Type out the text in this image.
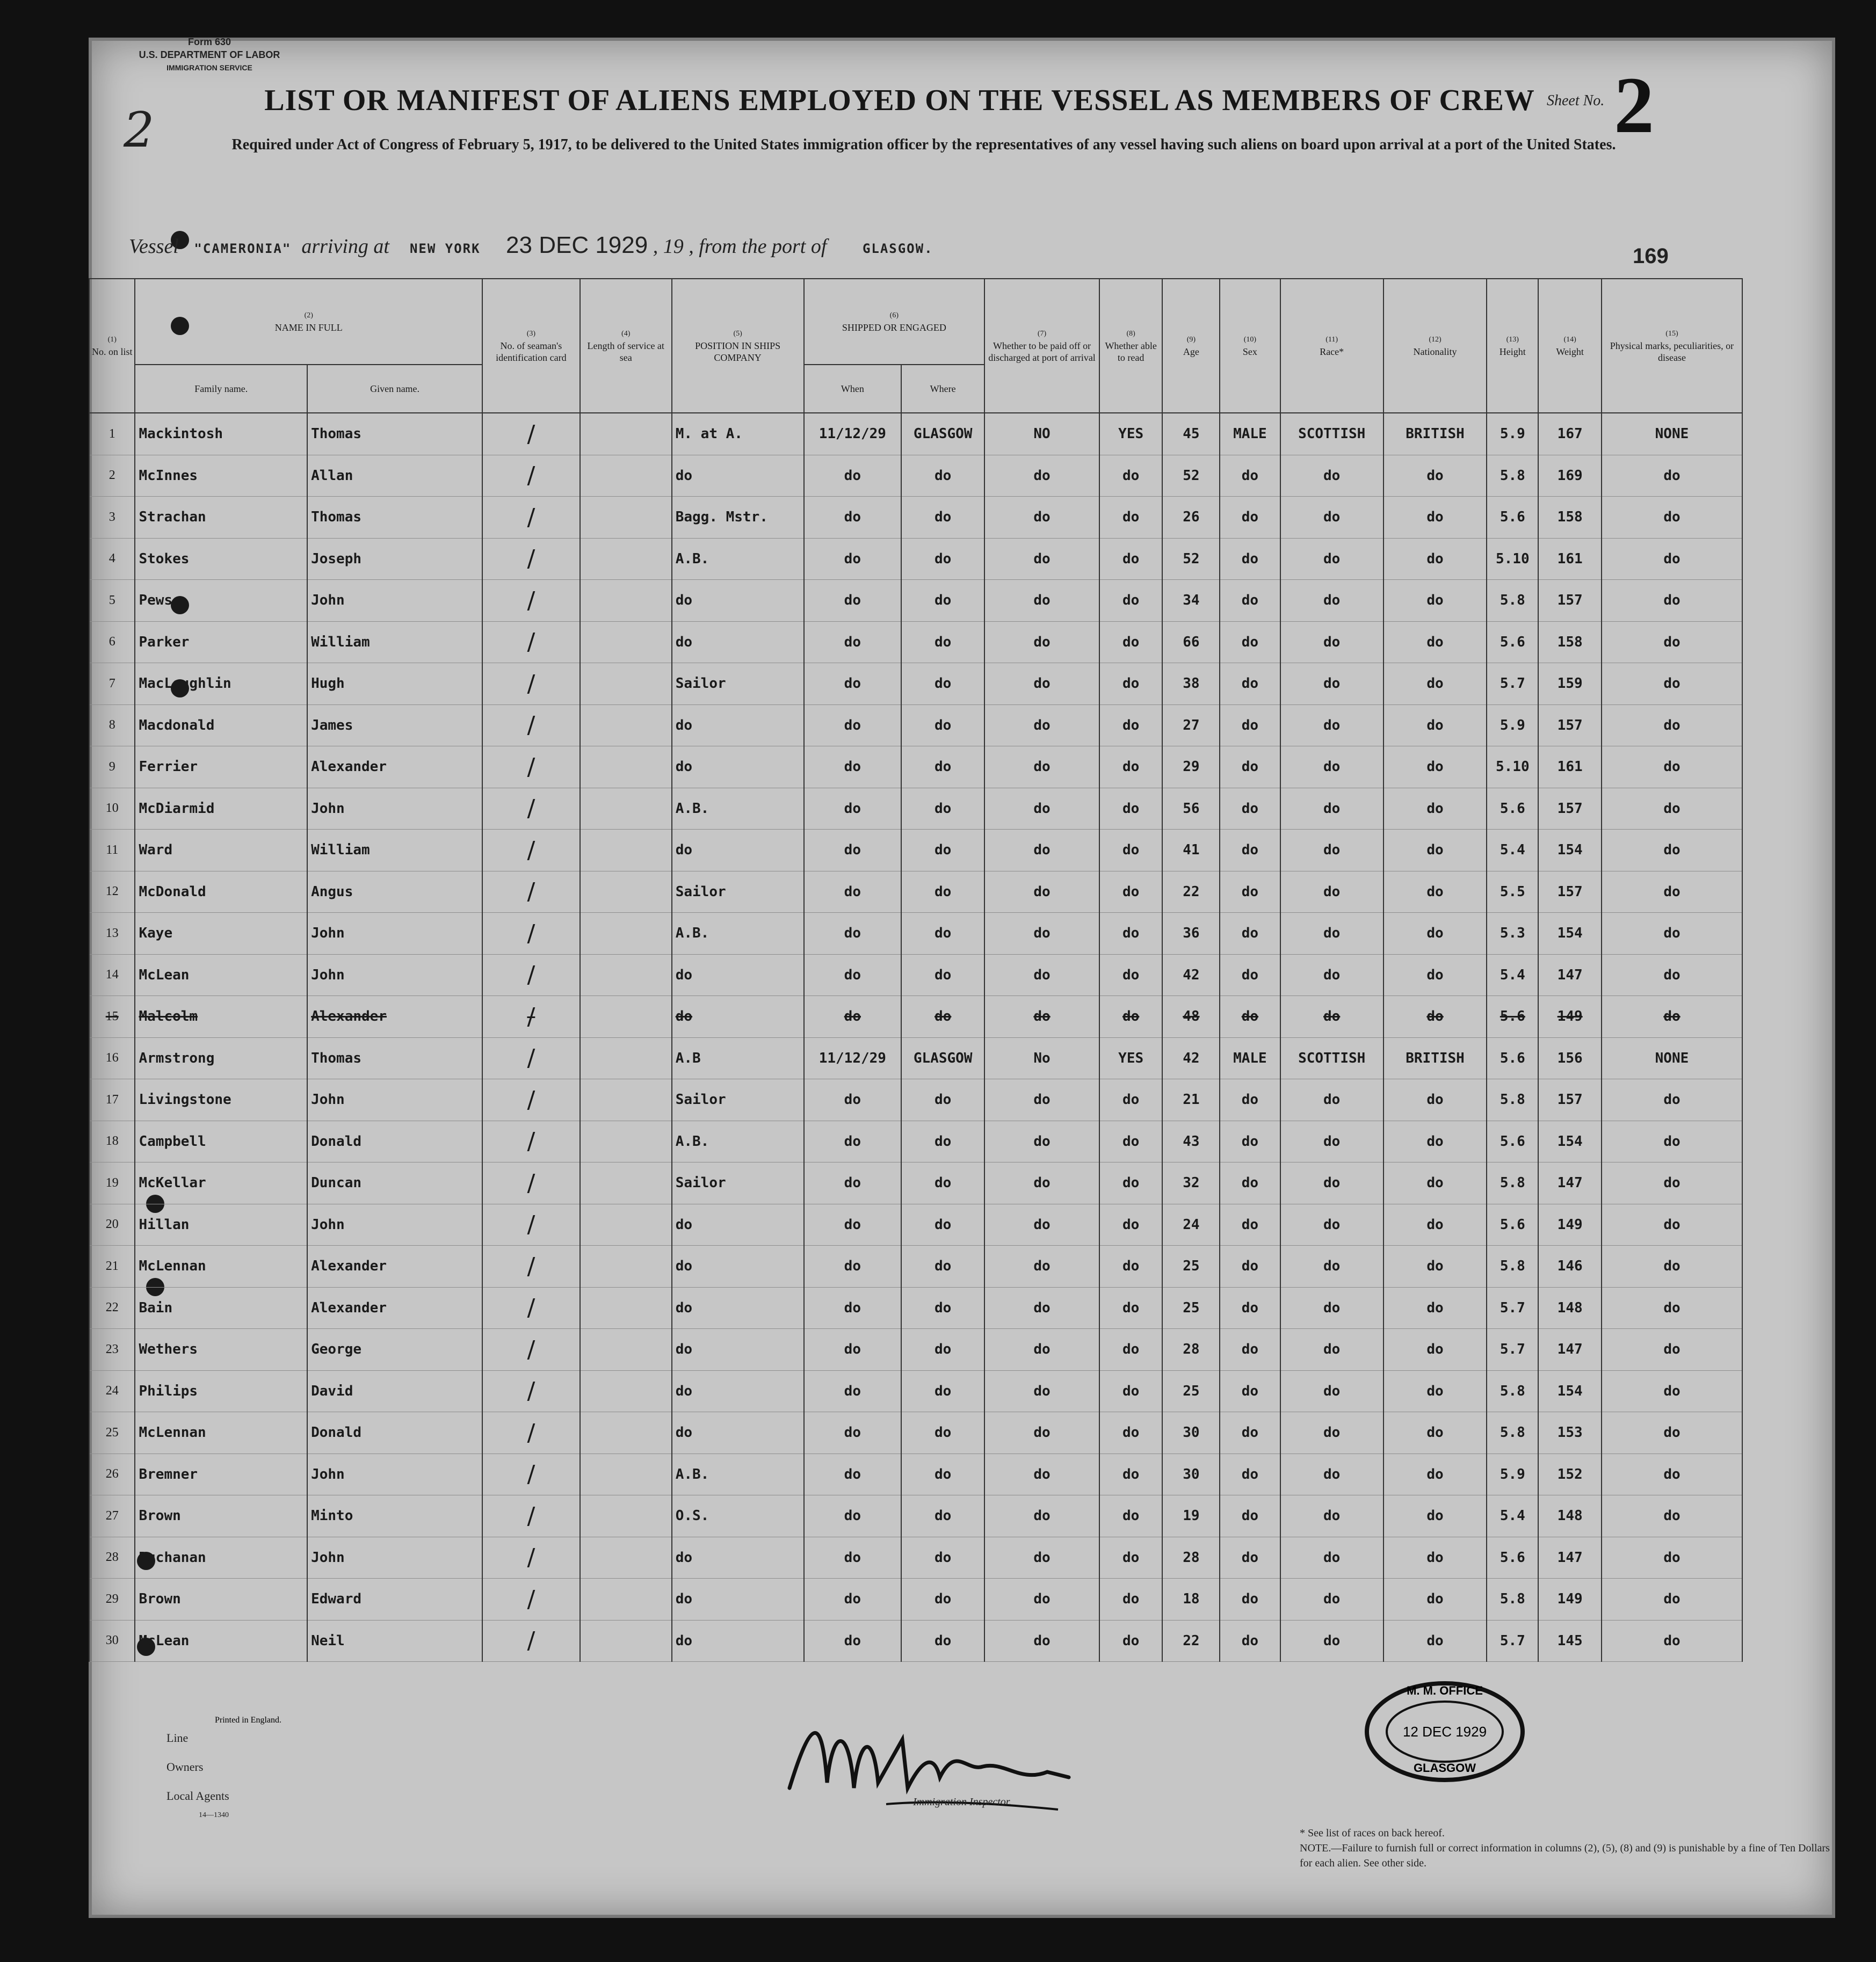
Form 630
U.S. DEPARTMENT OF LABOR
IMMIGRATION SERVICE
2
LIST OR MANIFEST OF ALIENS EMPLOYED ON THE VESSEL AS MEMBERS OF CREW
Required under Act of Congress of February 5, 1917, to be delivered to the United States immigration officer by the representatives of any vessel having such aliens on board upon arrival at a port of the United States.
Sheet No. 2
Vessel "CAMERONIA" arriving at NEW YORK 23 DEC 1929 , 19 , from the port of	GLASGOW.	169
(1)
No. on list	(2)
NAME IN FULL		(3)
No. of seaman's identification card	(4)
Length of service at sea	(5)
POSITION IN SHIPS COMPANY	(6)
SHIPPED OR ENGAGED		(7)
Whether to be paid off or discharged at port of arrival	(8)
Whether able to read	(9)
Age	(10)
Sex	(11)
Race*	(12)
Nationality	(13)
Height	(14)
Weight	(15)
Physical marks, peculiarities, or disease
	Family name.	Given name.				When	Where									
1	Mackintosh	Thomas	/		M. at A.	11/12/29	GLASGOW	NO	YES	45	MALE	SCOTTISH	BRITISH	5.9	167	NONE
2	McInnes	Allan	/		do	do	do	do	do	52	do	do	do	5.8	169	do
3	Strachan	Thomas	/		Bagg. Mstr.	do	do	do	do	26	do	do	do	5.6	158	do
4	Stokes	Joseph	/		A.B.	do	do	do	do	52	do	do	do	5.10	161	do
5	Pews	John	/		do	do	do	do	do	34	do	do	do	5.8	157	do
6	Parker	William	/		do	do	do	do	do	66	do	do	do	5.6	158	do
7	MacLoughlin	Hugh	/		Sailor	do	do	do	do	38	do	do	do	5.7	159	do
8	Macdonald	James	/		do	do	do	do	do	27	do	do	do	5.9	157	do
9	Ferrier	Alexander	/		do	do	do	do	do	29	do	do	do	5.10	161	do
10	McDiarmid	John	/		A.B.	do	do	do	do	56	do	do	do	5.6	157	do
11	Ward	William	/		do	do	do	do	do	41	do	do	do	5.4	154	do
12	McDonald	Angus	/		Sailor	do	do	do	do	22	do	do	do	5.5	157	do
13	Kaye	John	/		A.B.	do	do	do	do	36	do	do	do	5.3	154	do
14	McLean	John	/		do	do	do	do	do	42	do	do	do	5.4	147	do
15	Malcolm	Alexander	/		do	do	do	do	do	48	do	do	do	5.6	149	do
16	Armstrong	Thomas	/		A.B	11/12/29	GLASGOW	No	YES	42	MALE	SCOTTISH	BRITISH	5.6	156	NONE
17	Livingstone	John	/		Sailor	do	do	do	do	21	do	do	do	5.8	157	do
18	Campbell	Donald	/		A.B.	do	do	do	do	43	do	do	do	5.6	154	do
19	McKellar	Duncan	/		Sailor	do	do	do	do	32	do	do	do	5.8	147	do
20	Hillan	John	/		do	do	do	do	do	24	do	do	do	5.6	149	do
21	McLennan	Alexander	/		do	do	do	do	do	25	do	do	do	5.8	146	do
22	Bain	Alexander	/		do	do	do	do	do	25	do	do	do	5.7	148	do
23	Wethers	George	/		do	do	do	do	do	28	do	do	do	5.7	147	do
24	Philips	David	/		do	do	do	do	do	25	do	do	do	5.8	154	do
25	McLennan	Donald	/		do	do	do	do	do	30	do	do	do	5.8	153	do
26	Bremner	John	/		A.B.	do	do	do	do	30	do	do	do	5.9	152	do
27	Brown	Minto	/		O.S.	do	do	do	do	19	do	do	do	5.4	148	do
28	Buchanan	John	/		do	do	do	do	do	28	do	do	do	5.6	147	do
29	Brown	Edward	/		do	do	do	do	do	18	do	do	do	5.8	149	do
30	McLean	Neil	/		do	do	do	do	do	22	do	do	do	5.7	145	do
Printed in England.
Line
Owners
Local Agents
14—1340
Immigration Inspector.
M. M. OFFICE
12 DEC 1929
GLASGOW
* See list of races on back hereof.
NOTE.—Failure to furnish full or correct information in columns (2), (5), (8) and (9) is punishable by a fine of Ten Dollars for each alien. See other side.
